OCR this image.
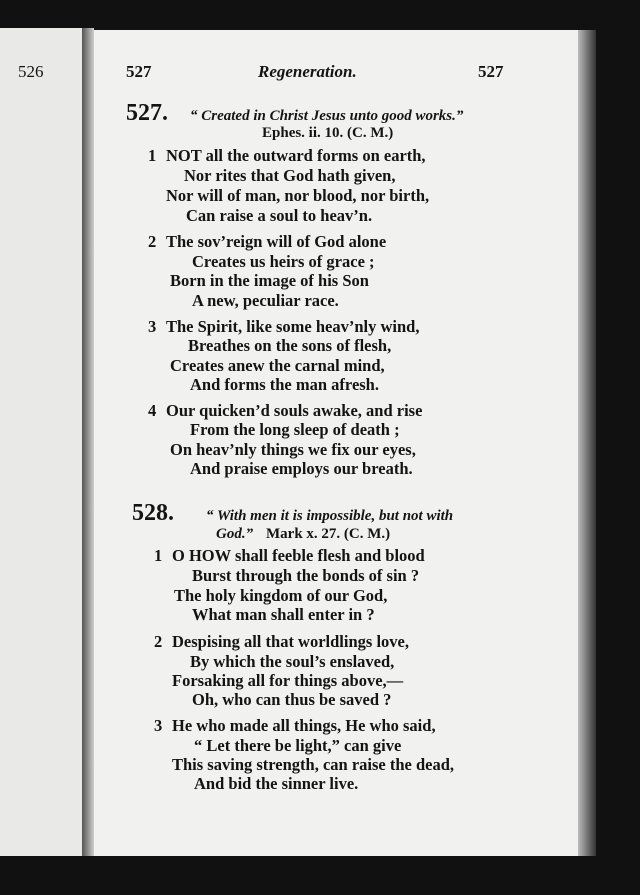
526	527	Regeneration.	527
527. “ Created in Christ Jesus unto good works.”
Ephes. ii. 10. (C. M.)
1 NOT all the outward forms on earth,
Nor rites that God hath given,
Nor will of man, nor blood, nor birth,
Can raise a soul to heav’n.
2 The sov’reign will of God alone
Creates us heirs of grace ;
Born in the image of his Son
A new, peculiar race.
3 The Spirit, like some heav’nly wind,
Breathes on the sons of flesh,
Creates anew the carnal mind,
And forms the man afresh.
4 Our quicken’d souls awake, and rise
From the long sleep of death ;
On heav’nly things we fix our eyes,
And praise employs our breath.
528. “ With men it is impossible, but not with
God.” Mark x. 27. (C. M.)
1 O HOW shall feeble flesh and blood
Burst through the bonds of sin ?
The holy kingdom of our God,
What man shall enter in ?
2 Despising all that worldlings love,
By which the soul’s enslaved,
Forsaking all for things above,—
Oh, who can thus be saved ?
3 He who made all things, He who said,
“ Let there be light,” can give
This saving strength, can raise the dead,
And bid the sinner live.
